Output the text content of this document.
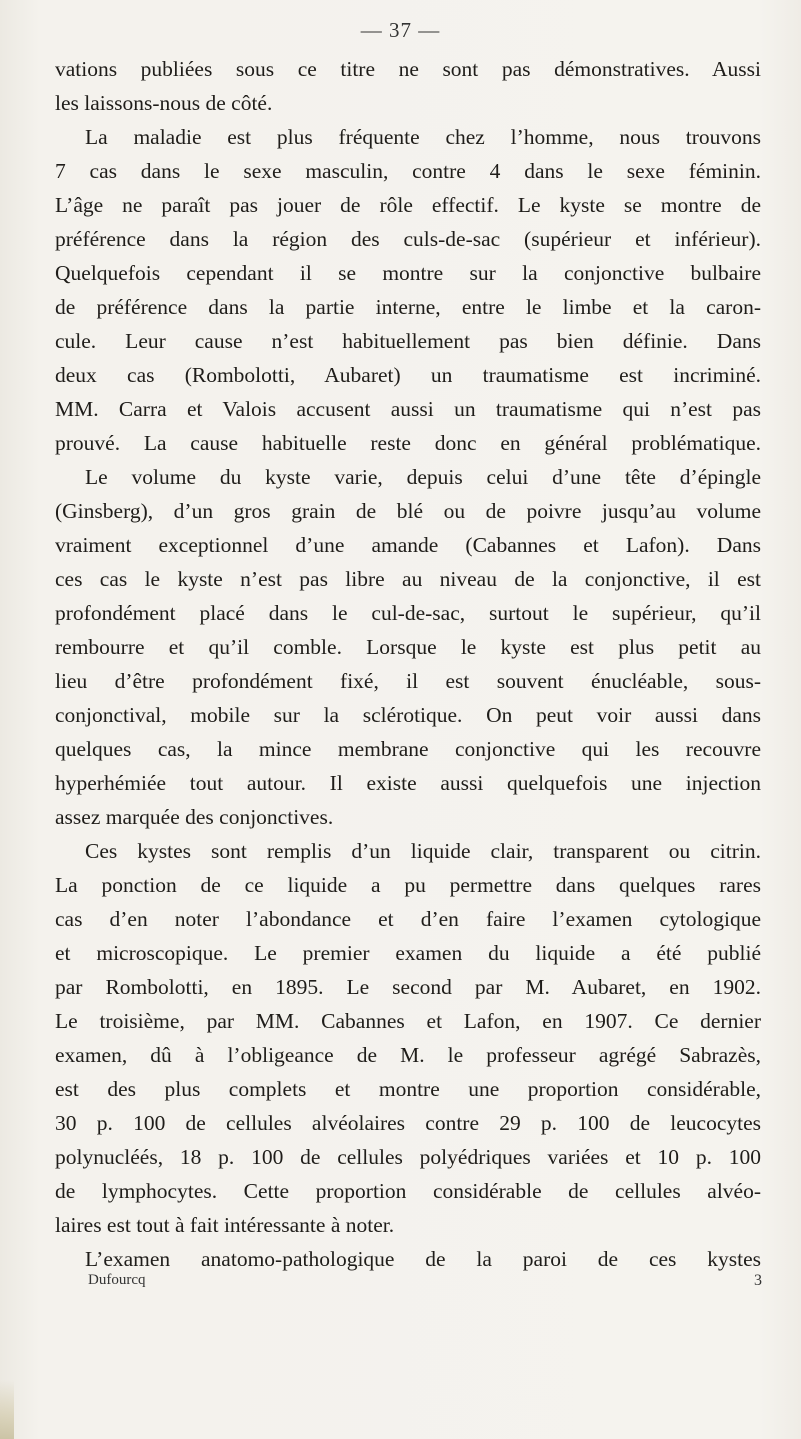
— 37 —
vations publiées sous ce titre ne sont pas démonstratives. Aussi
les laissons-nous de côté.
La maladie est plus fréquente chez l’homme, nous trouvons
7 cas dans le sexe masculin, contre 4 dans le sexe féminin.
L’âge ne paraît pas jouer de rôle effectif. Le kyste se montre de
préférence dans la région des culs-de-sac (supérieur et inférieur).
Quelquefois cependant il se montre sur la conjonctive bulbaire
de préférence dans la partie interne, entre le limbe et la caron-
cule. Leur cause n’est habituellement pas bien définie. Dans
deux cas (Rombolotti, Aubaret) un traumatisme est incriminé.
MM. Carra et Valois accusent aussi un traumatisme qui n’est pas
prouvé. La cause habituelle reste donc en général problématique.
Le volume du kyste varie, depuis celui d’une tête d’épingle
(Ginsberg), d’un gros grain de blé ou de poivre jusqu’au volume
vraiment exceptionnel d’une amande (Cabannes et Lafon). Dans
ces cas le kyste n’est pas libre au niveau de la conjonctive, il est
profondément placé dans le cul-de-sac, surtout le supérieur, qu’il
rembourre et qu’il comble. Lorsque le kyste est plus petit au
lieu d’être profondément fixé, il est souvent énucléable, sous-
conjonctival, mobile sur la sclérotique. On peut voir aussi dans
quelques cas, la mince membrane conjonctive qui les recouvre
hyperhémiée tout autour. Il existe aussi quelquefois une injection
assez marquée des conjonctives.
Ces kystes sont remplis d’un liquide clair, transparent ou citrin.
La ponction de ce liquide a pu permettre dans quelques rares
cas d’en noter l’abondance et d’en faire l’examen cytologique
et microscopique. Le premier examen du liquide a été publié
par Rombolotti, en 1895. Le second par M. Aubaret, en 1902.
Le troisième, par MM. Cabannes et Lafon, en 1907. Ce dernier
examen, dû à l’obligeance de M. le professeur agrégé Sabrazès,
est des plus complets et montre une proportion considérable,
30 p. 100 de cellules alvéolaires contre 29 p. 100 de leucocytes
polynucléés, 18 p. 100 de cellules polyédriques variées et 10 p. 100
de lymphocytes. Cette proportion considérable de cellules alvéo-
laires est tout à fait intéressante à noter.
L’examen anatomo-pathologique de la paroi de ces kystes
Dufourcq	3
